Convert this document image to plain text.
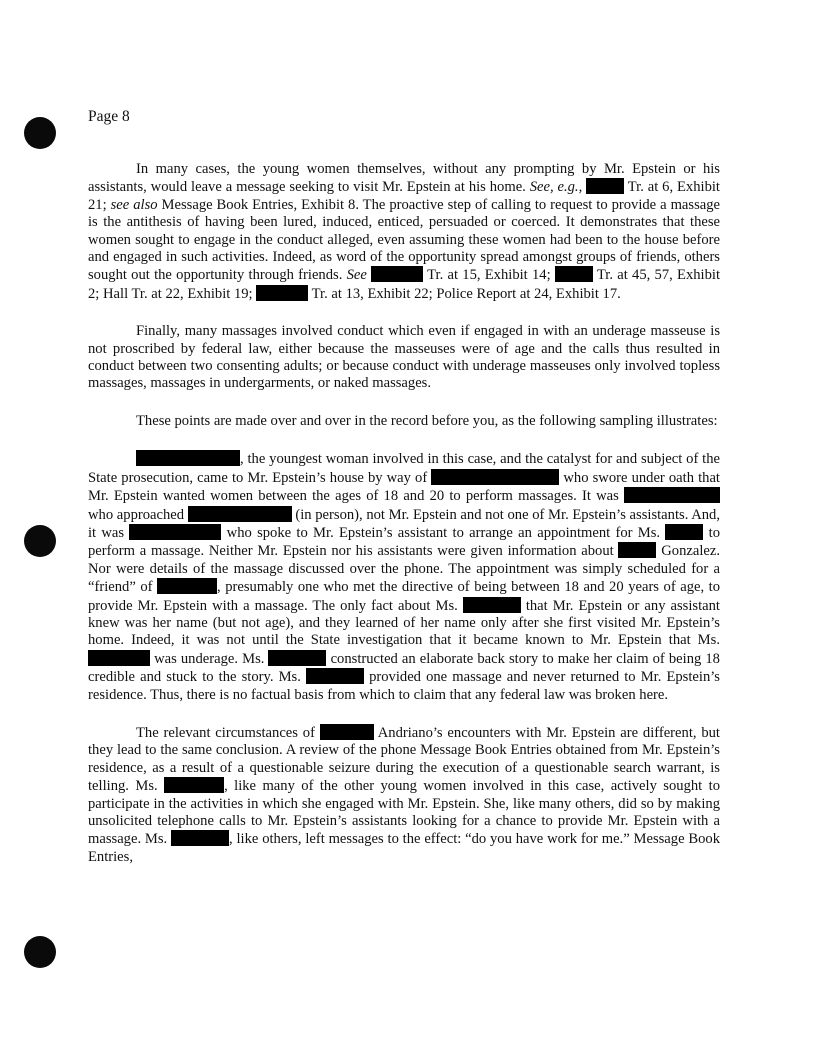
Page 8

In many cases, the young women themselves, without any prompting by Mr. Epstein or his assistants, would leave a message seeking to visit Mr. Epstein at his home. See, e.g.,	Tr. at 6, Exhibit 21; see also Message Book Entries, Exhibit 8. The proactive step of calling to request to provide a massage is the antithesis of having been lured, induced, enticed, persuaded or coerced. It demonstrates that these women sought to engage in the conduct alleged, even assuming these women had been to the house before and engaged in such activities. Indeed, as word of the opportunity spread amongst groups of friends, others sought out the opportunity through friends. See	Tr. at 15, Exhibit 14;	Tr. at 45, 57, Exhibit 2; Hall Tr. at 22, Exhibit 19;	Tr. at 13, Exhibit 22; Police Report at 24, Exhibit 17.

Finally, many massages involved conduct which even if engaged in with an underage masseuse is not proscribed by federal law, either because the masseuses were of age and the calls thus resulted in conduct between two consenting adults; or because conduct with underage masseuses only involved topless massages, massages in undergarments, or naked massages.

These points are made over and over in the record before you, as the following sampling illustrates:

, the youngest woman involved in this case, and the catalyst for and subject of the State prosecution, came to Mr. Epstein’s house by way of	who swore under oath that Mr. Epstein wanted women between the ages of 18 and 20 to perform massages. It was  who approached	(in person), not Mr. Epstein and not one of Mr. Epstein’s assistants. And, it was	who spoke to Mr. Epstein’s assistant to arrange an appointment for Ms.	to perform a massage. Neither Mr. Epstein nor his assistants were given information about	Gonzalez. Nor were details of the massage discussed over the phone. The appointment was simply scheduled for a “friend” of	, presumably one who met the directive of being between 18 and 20 years of age, to provide Mr. Epstein with a massage. The only fact about Ms.	that Mr. Epstein or any assistant knew was her name (but not age), and they learned of her name only after she first visited Mr. Epstein’s home. Indeed, it was not until the State investigation that it became known to Mr. Epstein that Ms.  was underage. Ms.	constructed an elaborate back story to make her claim of being 18 credible and stuck to the story. Ms.	provided one massage and never returned to Mr. Epstein’s residence. Thus, there is no factual basis from which to claim that any federal law was broken here.

The relevant circumstances of	Andriano’s encounters with Mr. Epstein are different, but they lead to the same conclusion. A review of the phone Message Book Entries obtained from Mr. Epstein’s residence, as a result of a questionable seizure during the execution of a questionable search warrant, is telling. Ms.	, like many of the other young women involved in this case, actively sought to participate in the activities in which she engaged with Mr. Epstein. She, like many others, did so by making unsolicited telephone calls to Mr. Epstein’s assistants looking for a chance to provide Mr. Epstein with a massage. Ms.	, like others, left messages to the effect: “do you have work for me.” Message Book Entries,
